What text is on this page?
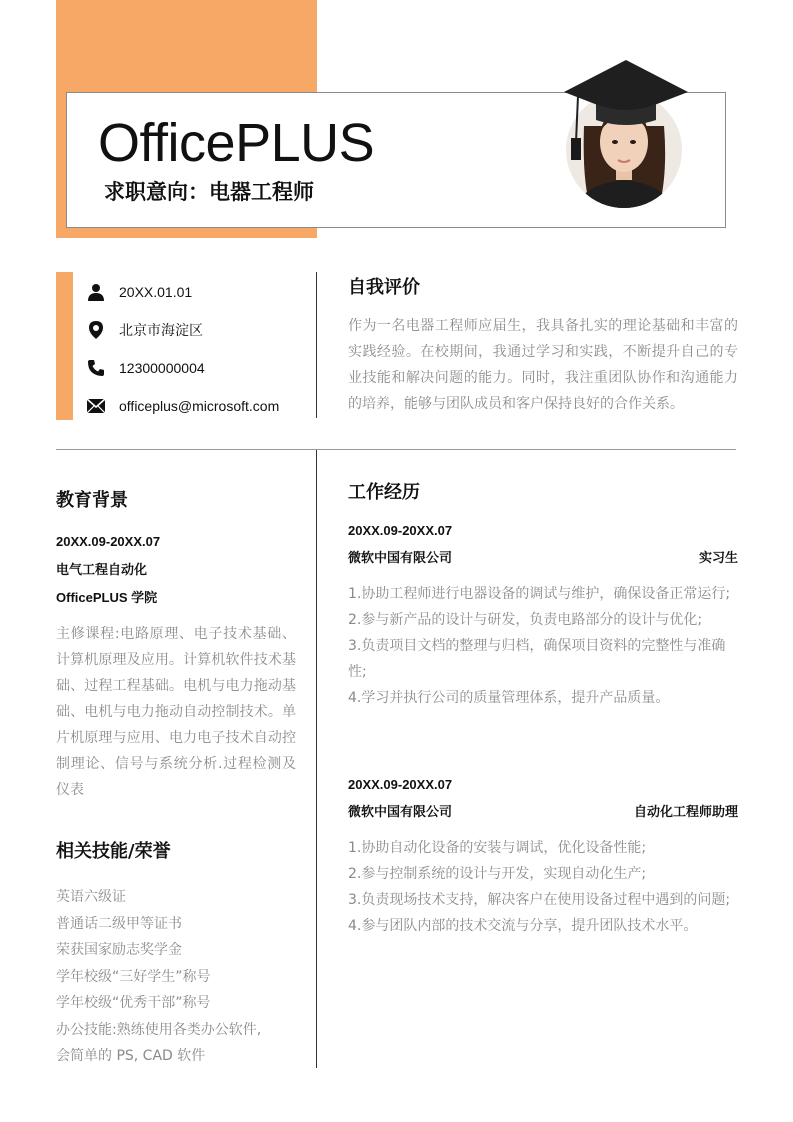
OfficePLUS
求职意向：电器工程师
20XX.01.01
北京市海淀区
12300000004
officeplus@microsoft.com
自我评价
作为一名电器工程师应届生，我具备扎实的理论基础和丰富的实践经验。在校期间，我通过学习和实践，不断提升自己的专业技能和解决问题的能力。同时，我注重团队协作和沟通能力的培养，能够与团队成员和客户保持良好的合作关系。
教育背景
20XX.09-20XX.07
电气工程自动化
OfficePLUS 学院
主修课程:电路原理、电子技术基础、计算机原理及应用。计算机软件技术基础、过程工程基础。电机与电力拖动基础、电机与电力拖动自动控制技术。单片机原理与应用、电力电子技术自动控制理论、信号与系统分析.过程检测及仪表
相关技能/荣誉
英语六级证
普通话二级甲等证书
荣获国家励志奖学金
学年校级“三好学生”称号
学年校级“优秀干部”称号
办公技能:熟练使用各类办公软件,
会简单的 PS, CAD 软件
工作经历
20XX.09-20XX.07
微软中国有限公司	实习生
1.协助工程师进行电器设备的调试与维护，确保设备正常运行;
2.参与新产品的设计与研发，负责电路部分的设计与优化;
3.负责项目文档的整理与归档，确保项目资料的完整性与准确性;
4.学习并执行公司的质量管理体系，提升产品质量。
20XX.09-20XX.07
微软中国有限公司	自动化工程师助理
1.协助自动化设备的安装与调试，优化设备性能;
2.参与控制系统的设计与开发，实现自动化生产;
3.负责现场技术支持，解决客户在使用设备过程中遇到的问题;
4.参与团队内部的技术交流与分享，提升团队技术水平。
